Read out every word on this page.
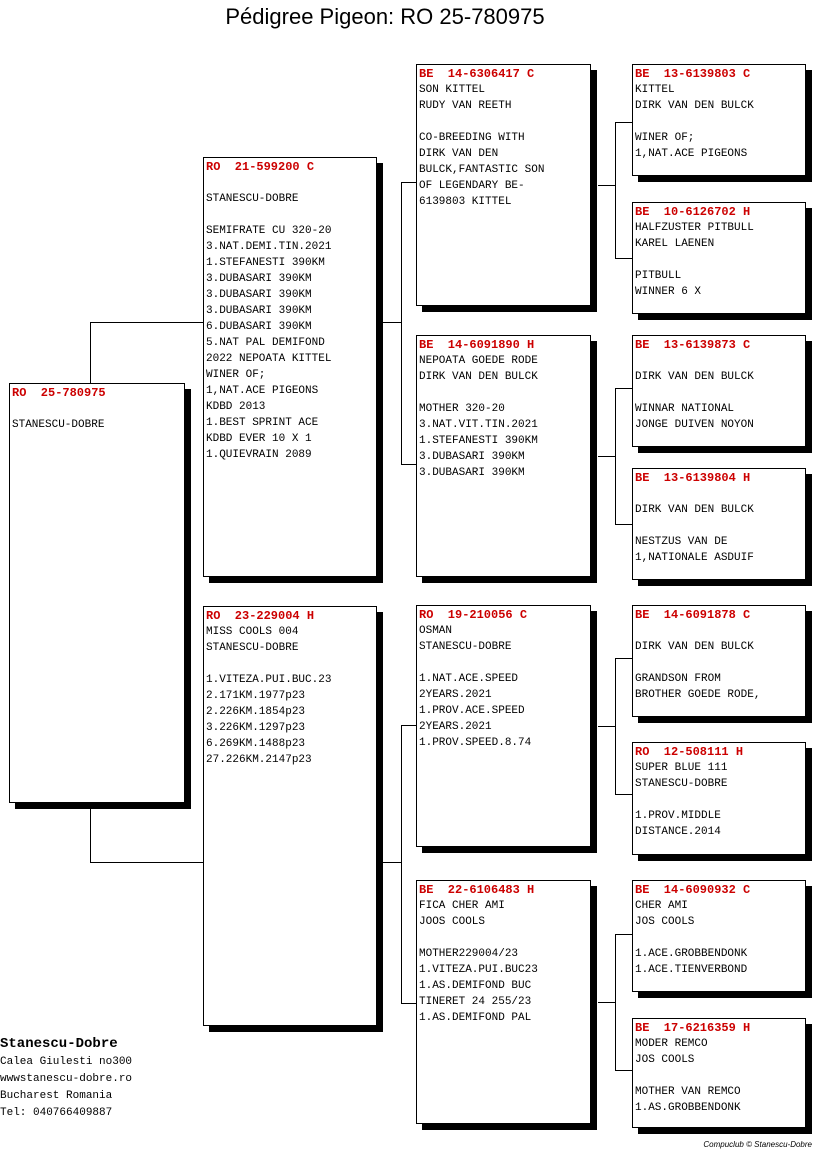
Pédigree Pigeon: RO 25-780975
RO  25-780975

STANESCU-DOBRE
RO  21-599200 C

STANESCU-DOBRE

SEMIFRATE CU 320-20
3.NAT.DEMI.TIN.2021
1.STEFANESTI 390KM
3.DUBASARI 390KM
3.DUBASARI 390KM
3.DUBASARI 390KM
6.DUBASARI 390KM
5.NAT PAL DEMIFOND
2022 NEPOATA KITTEL
WINER OF;
1,NAT.ACE PIGEONS
KDBD 2013
1.BEST SPRINT ACE
KDBD EVER 10 X 1
1.QUIEVRAIN 2089
RO  23-229004 H
MISS COOLS 004
STANESCU-DOBRE

1.VITEZA.PUI.BUC.23
2.171KM.1977p23
2.226KM.1854p23
3.226KM.1297p23
6.269KM.1488p23
27.226KM.2147p23
BE  14-6306417 C
SON KITTEL
RUDY VAN REETH

CO-BREEDING WITH
DIRK VAN DEN
BULCK,FANTASTIC SON
OF LEGENDARY BE-
6139803 KITTEL
BE  14-6091890 H
NEPOATA GOEDE RODE
DIRK VAN DEN BULCK

MOTHER 320-20
3.NAT.VIT.TIN.2021
1.STEFANESTI 390KM
3.DUBASARI 390KM
3.DUBASARI 390KM
RO  19-210056 C
OSMAN
STANESCU-DOBRE

1.NAT.ACE.SPEED
2YEARS.2021
1.PROV.ACE.SPEED
2YEARS.2021
1.PROV.SPEED.8.74
BE  22-6106483 H
FICA CHER AMI
JOOS COOLS

MOTHER229004/23
1.VITEZA.PUI.BUC23
1.AS.DEMIFOND BUC
TINERET 24 255/23
1.AS.DEMIFOND PAL
BE  13-6139803 C
KITTEL
DIRK VAN DEN BULCK

WINER OF;
1,NAT.ACE PIGEONS
BE  10-6126702 H
HALFZUSTER PITBULL
KAREL LAENEN

PITBULL
WINNER 6 X
BE  13-6139873 C

DIRK VAN DEN BULCK

WINNAR NATIONAL
JONGE DUIVEN NOYON
BE  13-6139804 H

DIRK VAN DEN BULCK

NESTZUS VAN DE
1,NATIONALE ASDUIF
BE  14-6091878 C

DIRK VAN DEN BULCK

GRANDSON FROM
BROTHER GOEDE RODE,
RO  12-508111 H
SUPER BLUE 111
STANESCU-DOBRE

1.PROV.MIDDLE
DISTANCE.2014
BE  14-6090932 C
CHER AMI
JOS COOLS

1.ACE.GROBBENDONK
1.ACE.TIENVERBOND
BE  17-6216359 H
MODER REMCO
JOS COOLS

MOTHER VAN REMCO
1.AS.GROBBENDONK
Stanescu-Dobre
Calea Giulesti no300
wwwstanescu-dobre.ro
Bucharest Romania
Tel: 040766409887
Compuclub © Stanescu-Dobre
